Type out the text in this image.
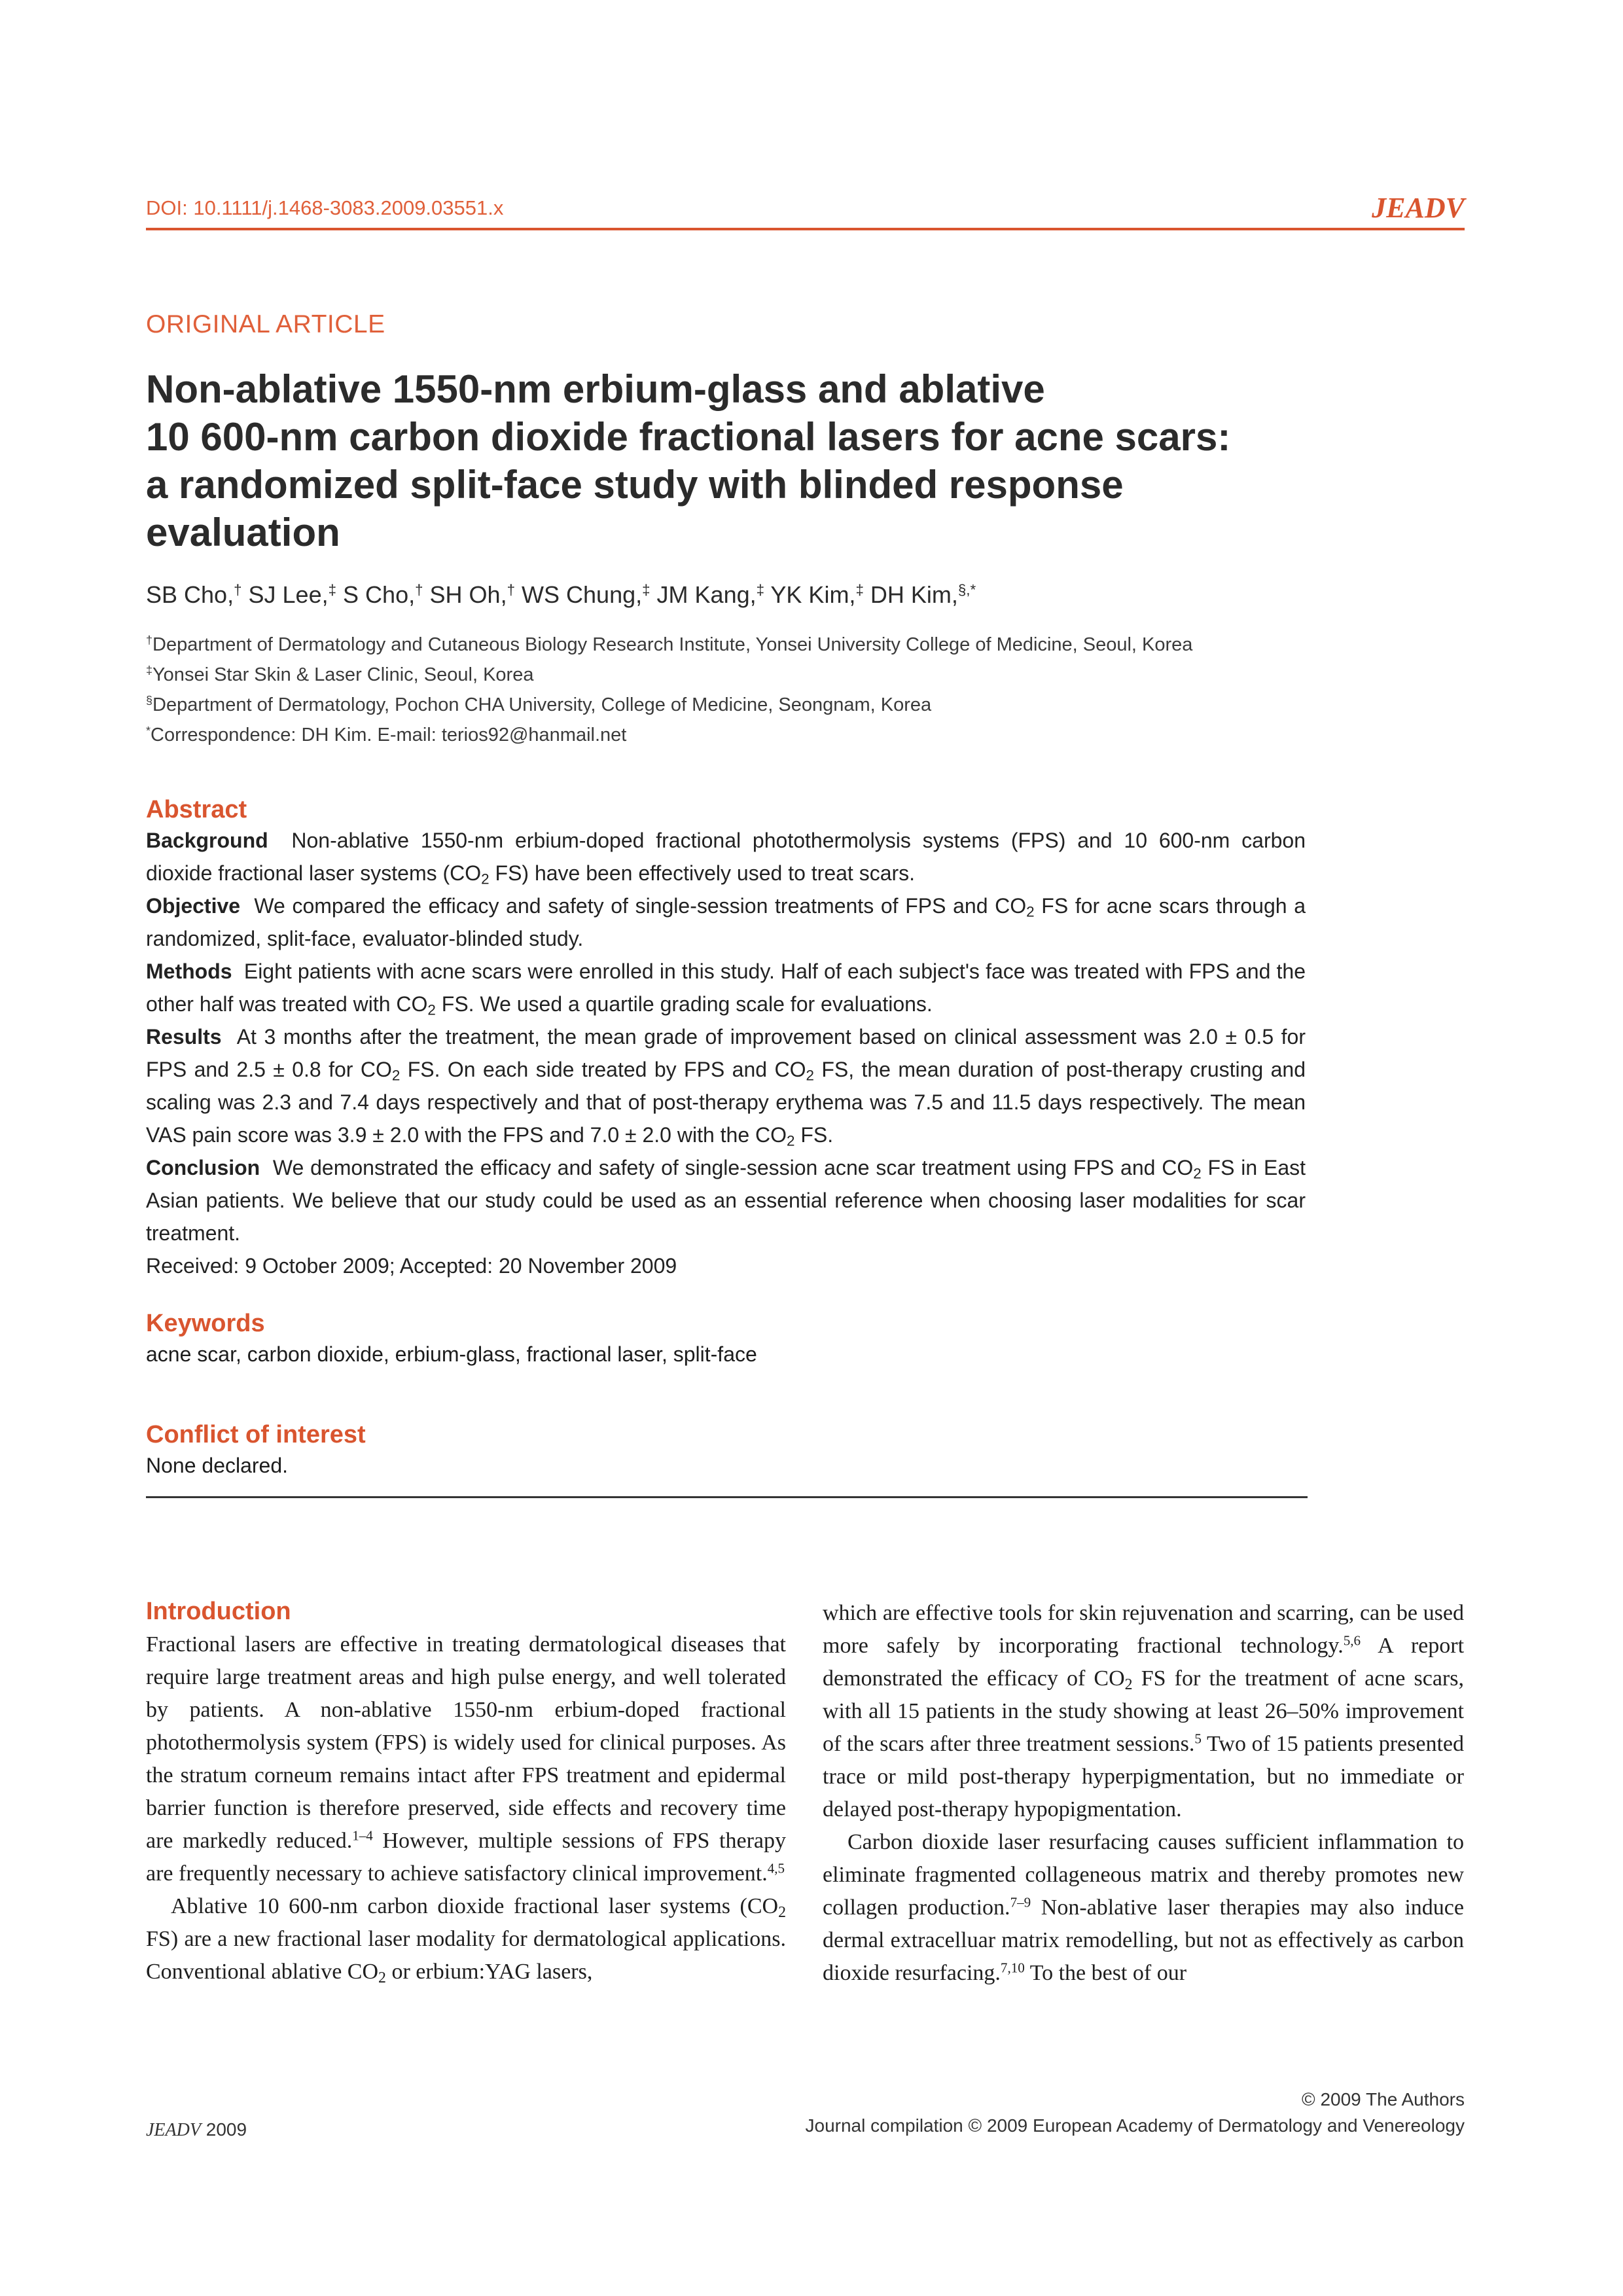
DOI: 10.1111/j.1468-3083.2009.03551.x	JEADV
ORIGINAL ARTICLE
Non-ablative 1550-nm erbium-glass and ablative
10 600-nm carbon dioxide fractional lasers for acne scars:
a randomized split-face study with blinded response
evaluation
SB Cho,† SJ Lee,‡ S Cho,† SH Oh,† WS Chung,‡ JM Kang,‡ YK Kim,‡ DH Kim,§,*
†Department of Dermatology and Cutaneous Biology Research Institute, Yonsei University College of Medicine, Seoul, Korea
‡Yonsei Star Skin & Laser Clinic, Seoul, Korea
§Department of Dermatology, Pochon CHA University, College of Medicine, Seongnam, Korea
*Correspondence: DH Kim. E-mail: terios92@hanmail.net
Abstract

Background Non-ablative 1550-nm erbium-doped fractional photothermolysis systems (FPS) and 10 600-nm carbon dioxide fractional laser systems ($CO_2$ FS) have been effectively used to treat scars.

Objective We compared the efficacy and safety of single-session treatments of FPS and $CO_2$ FS for acne scars through a randomized, split-face, evaluator-blinded study.

Methods Eight patients with acne scars were enrolled in this study. Half of each subject's face was treated with FPS and the other half was treated with $CO_2$ FS. We used a quartile grading scale for evaluations.

Results At 3 months after the treatment, the mean grade of improvement based on clinical assessment was 2.0 ± 0.5 for FPS and 2.5 ± 0.8 for $CO_2$ FS. On each side treated by FPS and $CO_2$ FS, the mean duration of post-therapy crusting and scaling was 2.3 and 7.4 days respectively and that of post-therapy erythema was 7.5 and 11.5 days respectively. The mean VAS pain score was 3.9 ± 2.0 with the FPS and 7.0 ± 2.0 with the $CO_2$ FS.

Conclusion We demonstrated the efficacy and safety of single-session acne scar treatment using FPS and $CO_2$ FS in East Asian patients. We believe that our study could be used as an essential reference when choosing laser modalities for scar treatment.

Received: 9 October 2009; Accepted: 20 November 2009

Keywords

acne scar, carbon dioxide, erbium-glass, fractional laser, split-face

Conflict of interest

None declared.

Introduction

Fractional lasers are effective in treating dermatological diseases that require large treatment areas and high pulse energy, and well tolerated by patients. A non-ablative 1550-nm erbium-doped fractional photothermolysis system (FPS) is widely used for clinical purposes. As the stratum corneum remains intact after FPS treatment and epidermal barrier function is therefore preserved, side effects and recovery time are markedly reduced.$^{1-4}$ However, multiple sessions of FPS therapy are frequently necessary to achieve satisfactory clinical improvement.$^{4,5}$

Ablative 10 600-nm carbon dioxide fractional laser systems ($CO_2$ FS) are a new fractional laser modality for dermatological applications. Conventional ablative $CO_2$ or erbium:YAG lasers,

which are effective tools for skin rejuvenation and scarring, can be used more safely by incorporating fractional technology.$^{5,6}$ A report demonstrated the efficacy of $CO_2$ FS for the treatment of acne scars, with all 15 patients in the study showing at least 26–50% improvement of the scars after three treatment sessions.$^5$ Two of 15 patients presented trace or mild post-therapy hyperpigmentation, but no immediate or delayed post-therapy hypopigmentation.

Carbon dioxide laser resurfacing causes sufficient inflammation to eliminate fragmented collageneous matrix and thereby promotes new collagen production.$^{7-9}$ Non-ablative laser therapies may also induce dermal extracelluar matrix remodelling, but not as effectively as carbon dioxide resurfacing.$^{7,10}$ To the best of our

JEADV 2009
© 2009 The Authors
Journal compilation © 2009 European Academy of Dermatology and Venereology
